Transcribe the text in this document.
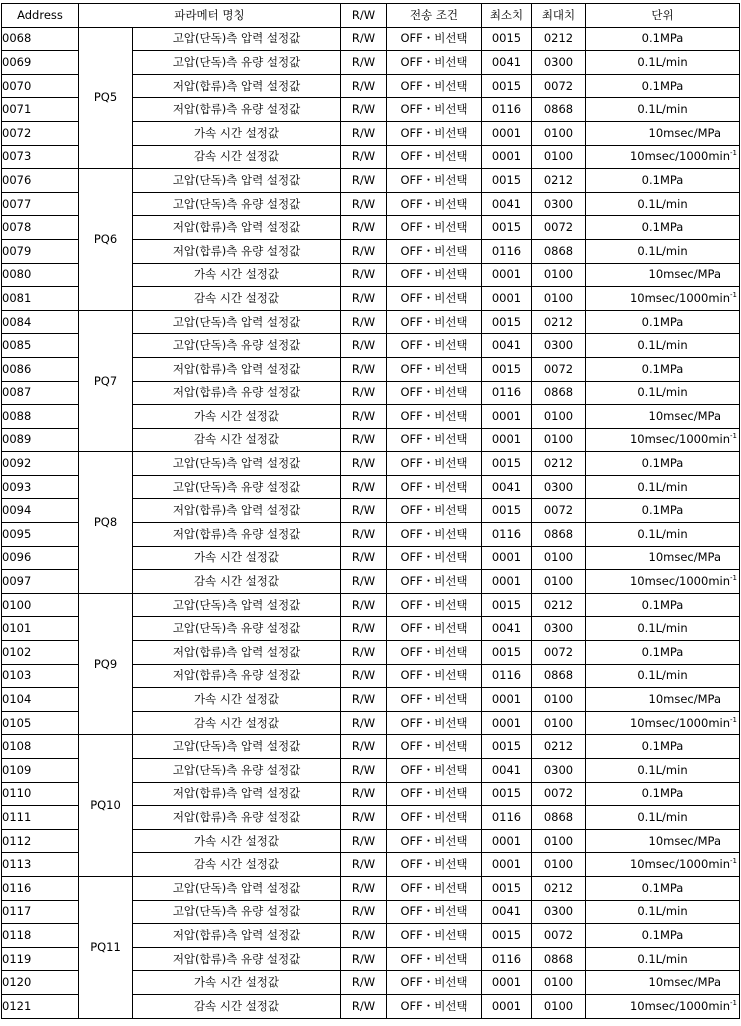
Address	파라메터 명칭		R/W	전송 조건	최소치	최대치	단위
0068	PQ5	고압(단독)측 압력 설정값	R/W	OFF・비선택	0015	0212	0.1MPa
0069		고압(단독)측 유량 설정값	R/W	OFF・비선택	0041	0300	0.1L/min
0070		저압(합류)측 압력 설정값	R/W	OFF・비선택	0015	0072	0.1MPa
0071		저압(합류)측 유량 설정값	R/W	OFF・비선택	0116	0868	0.1L/min
0072		가속 시간 설정값	R/W	OFF・비선택	0001	0100	10msec/MPa
0073		감속 시간 설정값	R/W	OFF・비선택	0001	0100	$10msec/1000\min^{-1}$
0076	PQ6	고압(단독)측 압력 설정값	R/W	OFF・비선택	0015	0212	0.1MPa
0077		고압(단독)측 유량 설정값	R/W	OFF・비선택	0041	0300	0.1L/min
0078		저압(합류)측 압력 설정값	R/W	OFF・비선택	0015	0072	0.1MPa
0079		저압(합류)측 유량 설정값	R/W	OFF・비선택	0116	0868	0.1L/min
0080		가속 시간 설정값	R/W	OFF・비선택	0001	0100	10msec/MPa
0081		감속 시간 설정값	R/W	OFF・비선택	0001	0100	$10msec/1000\min^{-1}$
0084	PQ7	고압(단독)측 압력 설정값	R/W	OFF・비선택	0015	0212	0.1MPa
0085		고압(단독)측 유량 설정값	R/W	OFF・비선택	0041	0300	0.1L/min
0086		저압(합류)측 압력 설정값	R/W	OFF・비선택	0015	0072	0.1MPa
0087		저압(합류)측 유량 설정값	R/W	OFF・비선택	0116	0868	0.1L/min
0088		가속 시간 설정값	R/W	OFF・비선택	0001	0100	10msec/MPa
0089		감속 시간 설정값	R/W	OFF・비선택	0001	0100	$10msec/1000\min^{-1}$
0092	PQ8	고압(단독)측 압력 설정값	R/W	OFF・비선택	0015	0212	0.1MPa
0093		고압(단독)측 유량 설정값	R/W	OFF・비선택	0041	0300	0.1L/min
0094		저압(합류)측 압력 설정값	R/W	OFF・비선택	0015	0072	0.1MPa
0095		저압(합류)측 유량 설정값	R/W	OFF・비선택	0116	0868	0.1L/min
0096		가속 시간 설정값	R/W	OFF・비선택	0001	0100	10msec/MPa
0097		감속 시간 설정값	R/W	OFF・비선택	0001	0100	$10msec/1000\min^{-1}$
0100	PQ9	고압(단독)측 압력 설정값	R/W	OFF・비선택	0015	0212	0.1MPa
0101		고압(단독)측 유량 설정값	R/W	OFF・비선택	0041	0300	0.1L/min
0102		저압(합류)측 압력 설정값	R/W	OFF・비선택	0015	0072	0.1MPa
0103		저압(합류)측 유량 설정값	R/W	OFF・비선택	0116	0868	0.1L/min
0104		가속 시간 설정값	R/W	OFF・비선택	0001	0100	10msec/MPa
0105		감속 시간 설정값	R/W	OFF・비선택	0001	0100	$10msec/1000\min^{-1}$
0108	PQ10	고압(단독)측 압력 설정값	R/W	OFF・비선택	0015	0212	0.1MPa
0109		고압(단독)측 유량 설정값	R/W	OFF・비선택	0041	0300	0.1L/min
0110		저압(합류)측 압력 설정값	R/W	OFF・비선택	0015	0072	0.1MPa
0111		저압(합류)측 유량 설정값	R/W	OFF・비선택	0116	0868	0.1L/min
0112		가속 시간 설정값	R/W	OFF・비선택	0001	0100	10msec/MPa
0113		감속 시간 설정값	R/W	OFF・비선택	0001	0100	$10msec/1000\min^{-1}$
0116	PQ11	고압(단독)측 압력 설정값	R/W	OFF・비선택	0015	0212	0.1MPa
0117		고압(단독)측 유량 설정값	R/W	OFF・비선택	0041	0300	0.1L/min
0118		저압(합류)측 압력 설정값	R/W	OFF・비선택	0015	0072	0.1MPa
0119		저압(합류)측 유량 설정값	R/W	OFF・비선택	0116	0868	0.1L/min
0120		가속 시간 설정값	R/W	OFF・비선택	0001	0100	10msec/MPa
0121		감속 시간 설정값	R/W	OFF・비선택	0001	0100	$10msec/1000\min^{-1}$
